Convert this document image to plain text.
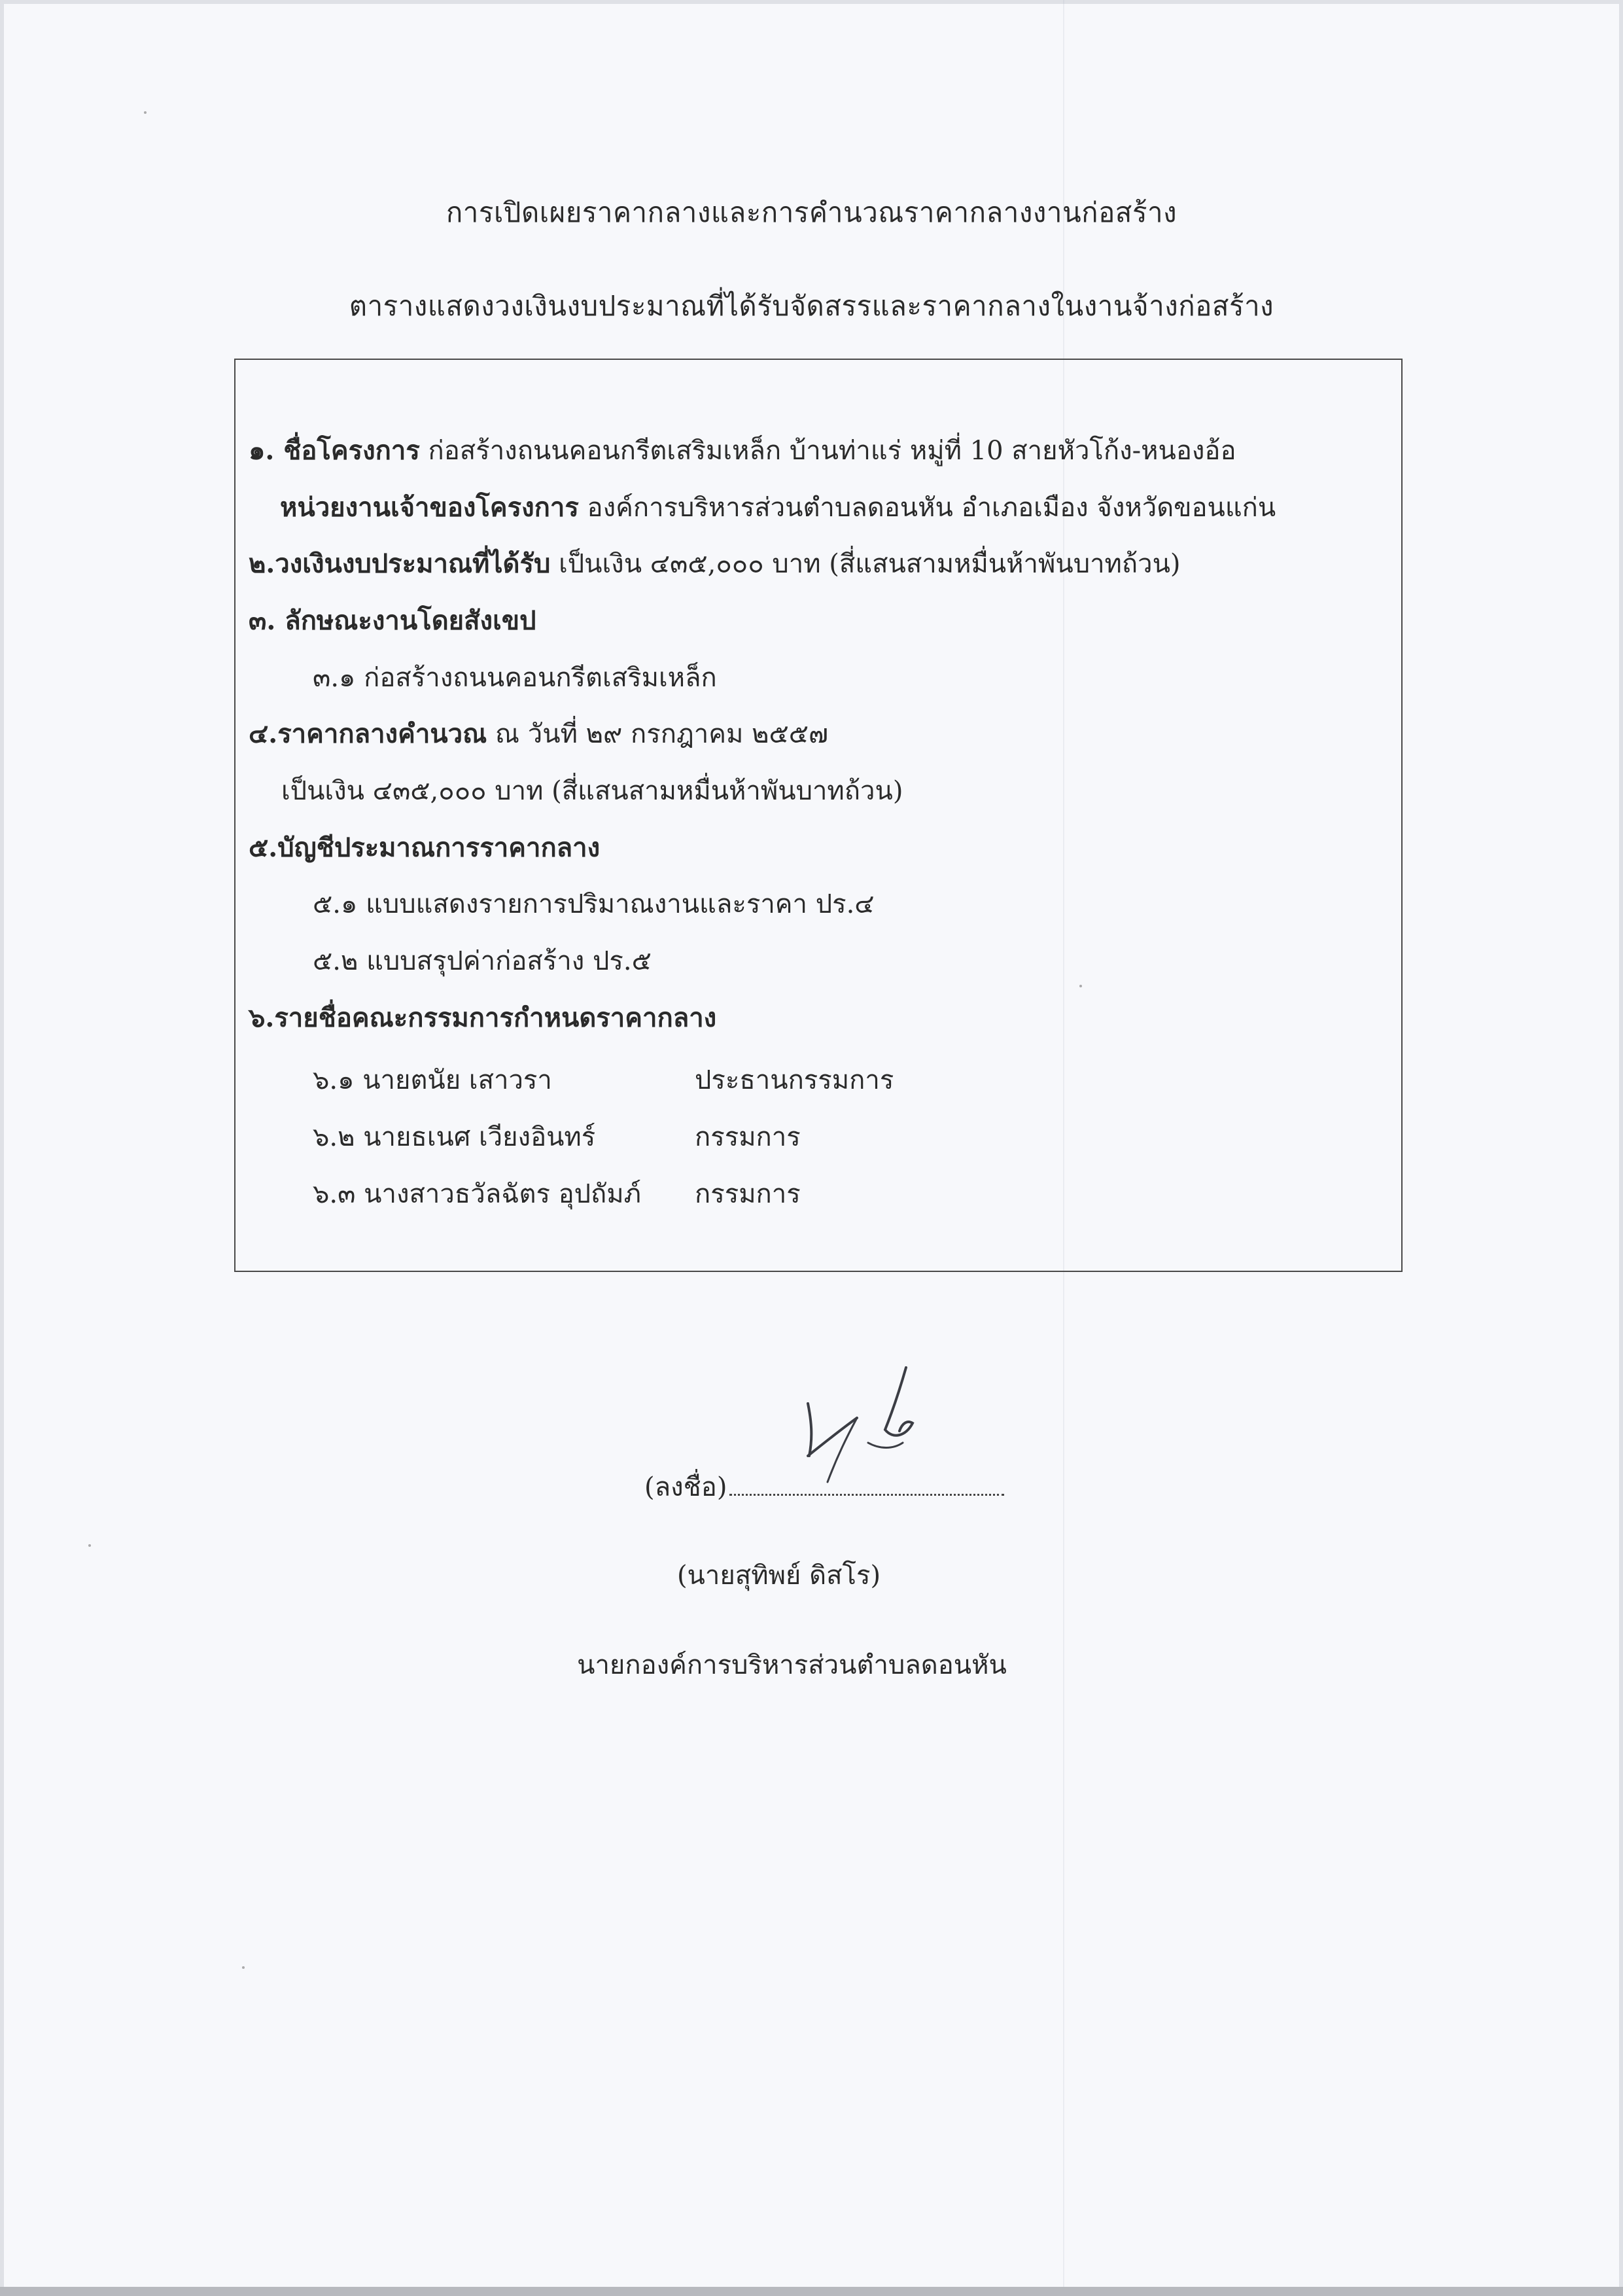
การเปิดเผยราคากลางและการคำนวณราคากลางงานก่อสร้าง
ตารางแสดงวงเงินงบประมาณที่ได้รับจัดสรรและราคากลางในงานจ้างก่อสร้าง
๑. ชื่อโครงการ ก่อสร้างถนนคอนกรีตเสริมเหล็ก บ้านท่าแร่ หมู่ที่ 10 สายหัวโก้ง-หนองอ้อ
หน่วยงานเจ้าของโครงการ องค์การบริหารส่วนตำบลดอนหัน อำเภอเมือง จังหวัดขอนแก่น
๒.วงเงินงบประมาณที่ได้รับ เป็นเงิน ๔๓๕,๐๐๐ บาท (สี่แสนสามหมื่นห้าพันบาทถ้วน)
๓. ลักษณะงานโดยสังเขป
๓.๑ ก่อสร้างถนนคอนกรีตเสริมเหล็ก
๔.ราคากลางคำนวณ ณ วันที่ ๒๙ กรกฎาคม ๒๕๕๗
เป็นเงิน ๔๓๕,๐๐๐ บาท (สี่แสนสามหมื่นห้าพันบาทถ้วน)
๕.บัญชีประมาณการราคากลาง
๕.๑ แบบแสดงรายการปริมาณงานและราคา ปร.๔
๕.๒ แบบสรุปค่าก่อสร้าง ปร.๕
๖.รายชื่อคณะกรรมการกำหนดราคากลาง
๖.๑ นายตนัย เสาวรา	ประธานกรรมการ
๖.๒ นายธเนศ เวียงอินทร์	กรรมการ
๖.๓ นางสาวธวัลฉัตร อุปถัมภ์ กรรมการ
(ลงชื่อ)
(นายสุทิพย์ ดิสโร)
นายกองค์การบริหารส่วนตำบลดอนหัน
